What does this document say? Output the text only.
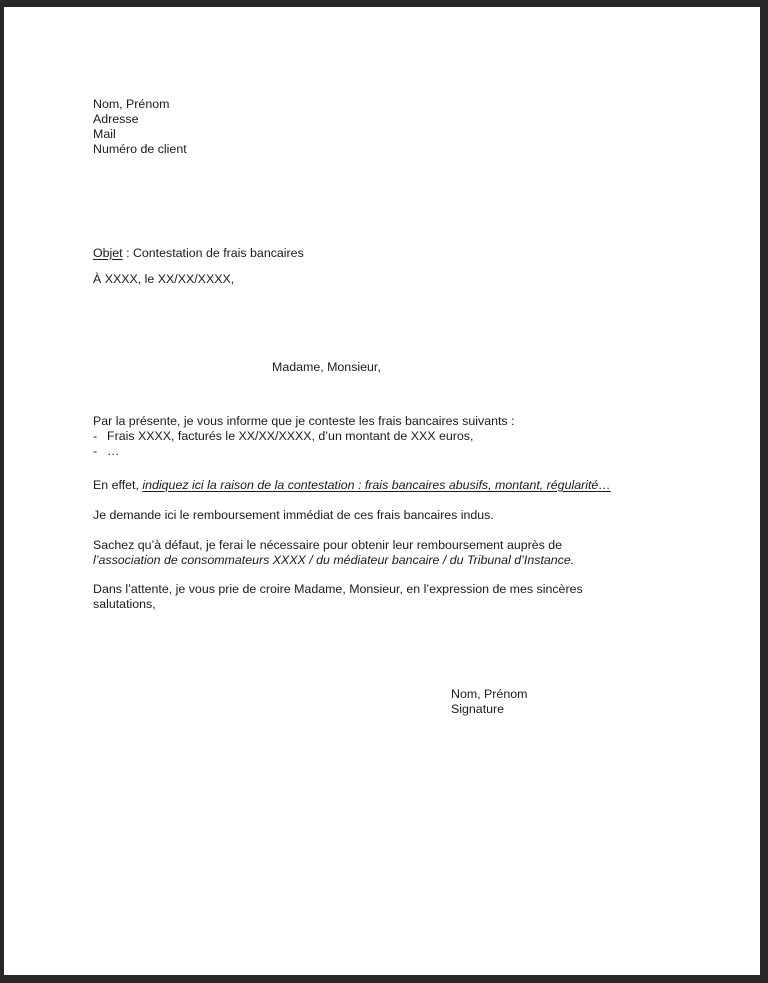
Nom, Prénom
Adresse
Mail
Numéro de client
Objet : Contestation de frais bancaires
À XXXX, le XX/XX/XXXX,
Madame, Monsieur,
Par la présente, je vous informe que je conteste les frais bancaires suivants :
- Frais XXXX, facturés le XX/XX/XXXX, d’un montant de XXX euros,
- …
En effet, indiquez ici la raison de la contestation : frais bancaires abusifs, montant, régularité…
Je demande ici le remboursement immédiat de ces frais bancaires indus.
Sachez qu’à défaut, je ferai le nécessaire pour obtenir leur remboursement auprès de
l’association de consommateurs XXXX / du médiateur bancaire / du Tribunal d’Instance.
Dans l’attente, je vous prie de croire Madame, Monsieur, en l’expression de mes sincères
salutations,
Nom, Prénom
Signature
